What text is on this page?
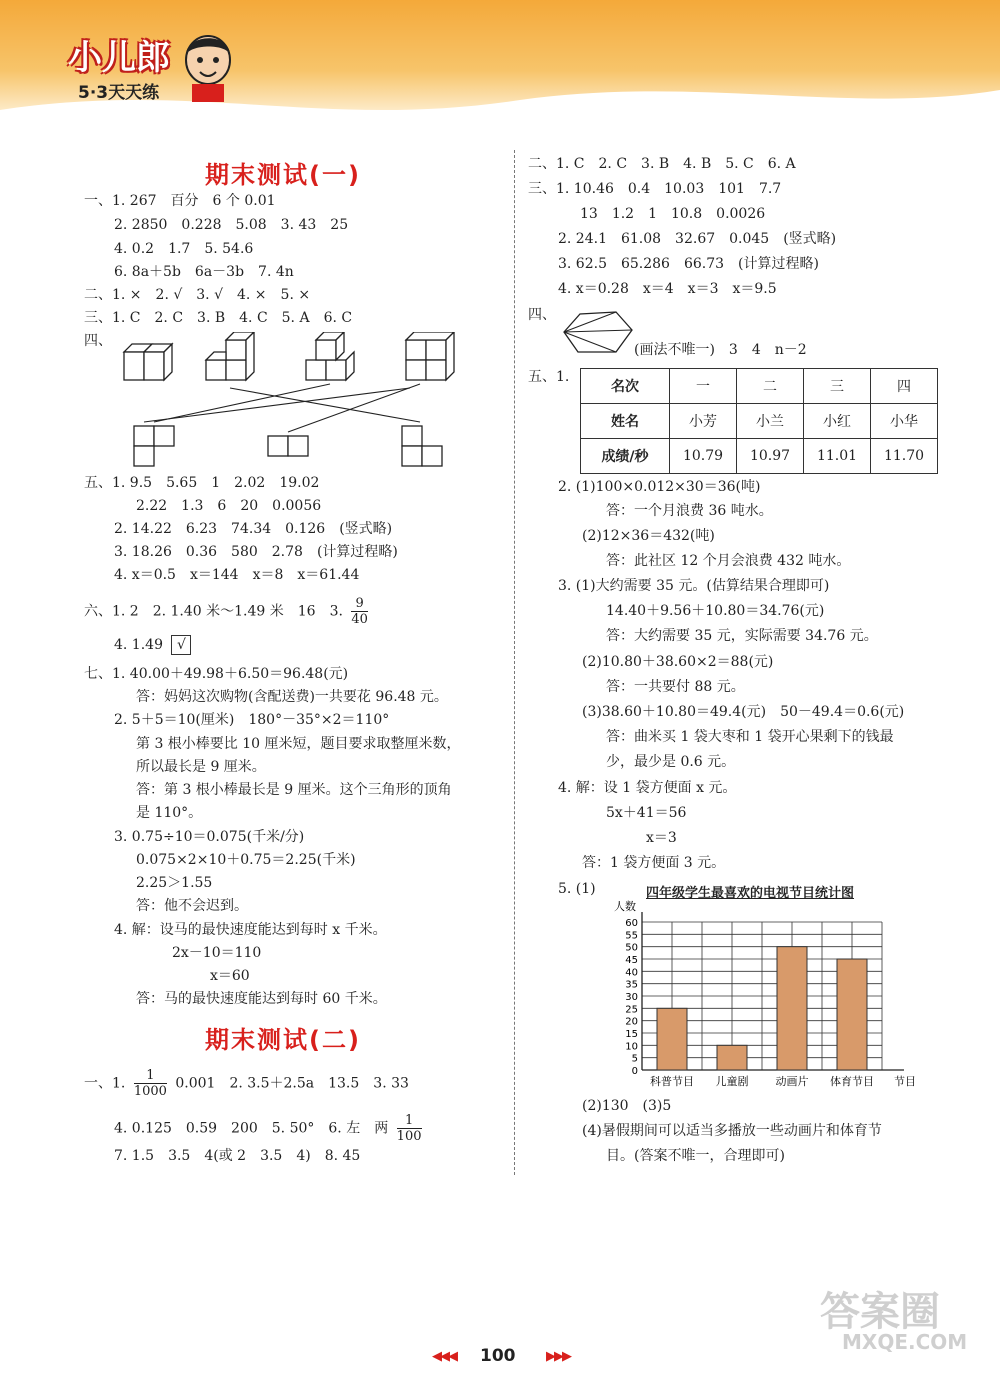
小儿郎
5·3天天练
期末测试(一)
期末测试(二)
一、1. 267　百分　6 个 0.01
2. 2850　0.228　5.08　3. 43　25
4. 0.2　1.7　5. 54.6
6. 8a＋5b　6a－3b　7. 4n
二、1. ×　2. √　3. √　4. ×　5. ×
三、1. C　2. C　3. B　4. C　5. A　6. C
四、
五、1. 9.5　5.65　1　2.02　19.02
2.22　1.3　6　20　0.0056
2. 14.22　6.23　74.34　0.126　(竖式略)
3. 18.26　0.36　580　2.78　(计算过程略)
4. x＝0.5　x＝144　x＝8　x＝61.44
六、1. 2　2. 1.40 米～1.49 米　16　3. $\frac{9}{40}$
4. 1.49 √
七、1. 40.00＋49.98＋6.50＝96.48(元)
答：妈妈这次购物(含配送费)一共要花 96.48 元。
2. 5＋5＝10(厘米)　180°－35°×2＝110°
第 3 根小棒要比 10 厘米短，题目要求取整厘米数，
所以最长是 9 厘米。
答：第 3 根小棒最长是 9 厘米。这个三角形的顶角
是 110°。
3. 0.75÷10＝0.075(千米/分)
0.075×2×10＋0.75＝2.25(千米)
2.25＞1.55
答：他不会迟到。
4. 解：设马的最快速度能达到每时 x 千米。
2x－10＝110
x＝60
答：马的最快速度能达到每时 60 千米。
一、1. $\frac{1}{1000} 0.001$　2. 3.5＋2.5a　13.5　3. 33
4. 0.125　0.59　200　5. 50°　6. 左　两 $\frac{1}{100}$
7. 1.5　3.5　4(或 2　3.5　4)　8. 45
二、1. C　2. C　3. B　4. B　5. C　6. A
三、1. 10.46　0.4　10.03　101　7.7
13　1.2　1　10.8　0.0026
2. 24.1　61.08　32.67　0.045　(竖式略)
3. 62.5　65.286　66.73　(计算过程略)
4. x＝0.28　x＝4　x＝3　x＝9.5
四、
(画法不唯一)　3　4　n－2
五、1.
名次	一	二	三	四
姓名	小芳	小兰	小红	小华
成绩/秒	10.79	10.97	11.01	11.70
2. (1)100×0.012×30＝36(吨)
答：一个月浪费 36 吨水。
(2)12×36＝432(吨)
答：此社区 12 个月会浪费 432 吨水。
3. (1)大约需要 35 元。(估算结果合理即可)
14.40＋9.56＋10.80＝34.76(元)
答：大约需要 35 元，实际需要 34.76 元。
(2)10.80＋38.60×2＝88(元)
答：一共要付 88 元。
(3)38.60＋10.80＝49.4(元)　50－49.4＝0.6(元)
答：曲米买 1 袋大枣和 1 袋开心果剩下的钱最
少，最少是 0.6 元。
4. 解：设 1 袋方便面 x 元。
5x＋41＝56
x＝3
答：1 袋方便面 3 元。
5. (1)	四年级学生最喜欢的电视节目统计图
0
5
10
15
20
25
30
35
40
45
50
55
60
人数
节目
科普节目 儿童剧 动画片 体育节目
(2)130　(3)5
(4)暑假期间可以适当多播放一些动画片和体育节
目。(答案不唯一，合理即可)
◀◀◀ 100 ▶▶▶
答案圈
MXQE.COM
